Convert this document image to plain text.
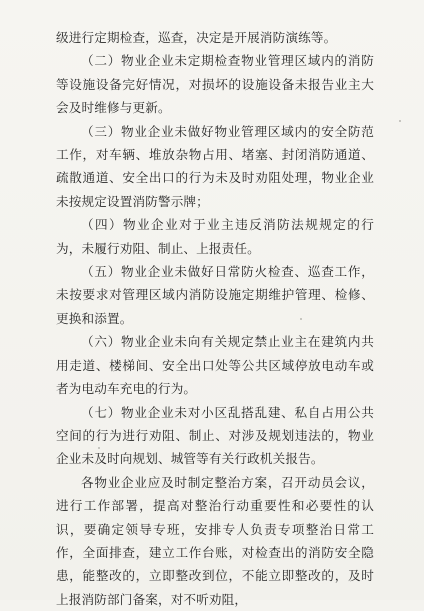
级进行定期检查，巡查，决定是开展消防演练等。

（二）物业企业未定期检查物业管理区域内的消防等设施设备完好情况，对损坏的设施设备未报告业主大会及时维修与更新。

（三）物业企业未做好物业管理区域内的安全防范工作，对车辆、堆放杂物占用、堵塞、封闭消防通道、疏散通道、安全出口的行为未及时劝阻处理，物业企业未按规定设置消防警示牌；

（四）物业企业对于业主违反消防法规规定的行为，未履行劝阻、制止、上报责任。

（五）物业企业未做好日常防火检查、巡查工作，未按要求对管理区域内消防设施定期维护管理、检修、更换和添置。

（六）物业企业未向有关规定禁止业主在建筑内共用走道、楼梯间、安全出口处等公共区域停放电动车或者为电动车充电的行为。

（七）物业企业未对小区乱搭乱建、私自占用公共空间的行为进行劝阻、制止、对涉及规划违法的，物业企业未及时向规划、城管等有关行政机关报告。

各物业企业应及时制定整治方案，召开动员会议，进行工作部署，提高对整治行动重要性和必要性的认识，要确定领导专班，安排专人负责专项整治日常工作，全面排查，建立工作台账，对检查出的消防安全隐患，能整改的，立即整改到位，不能立即整改的，及时上报消防部门备案，对不听劝阻，
